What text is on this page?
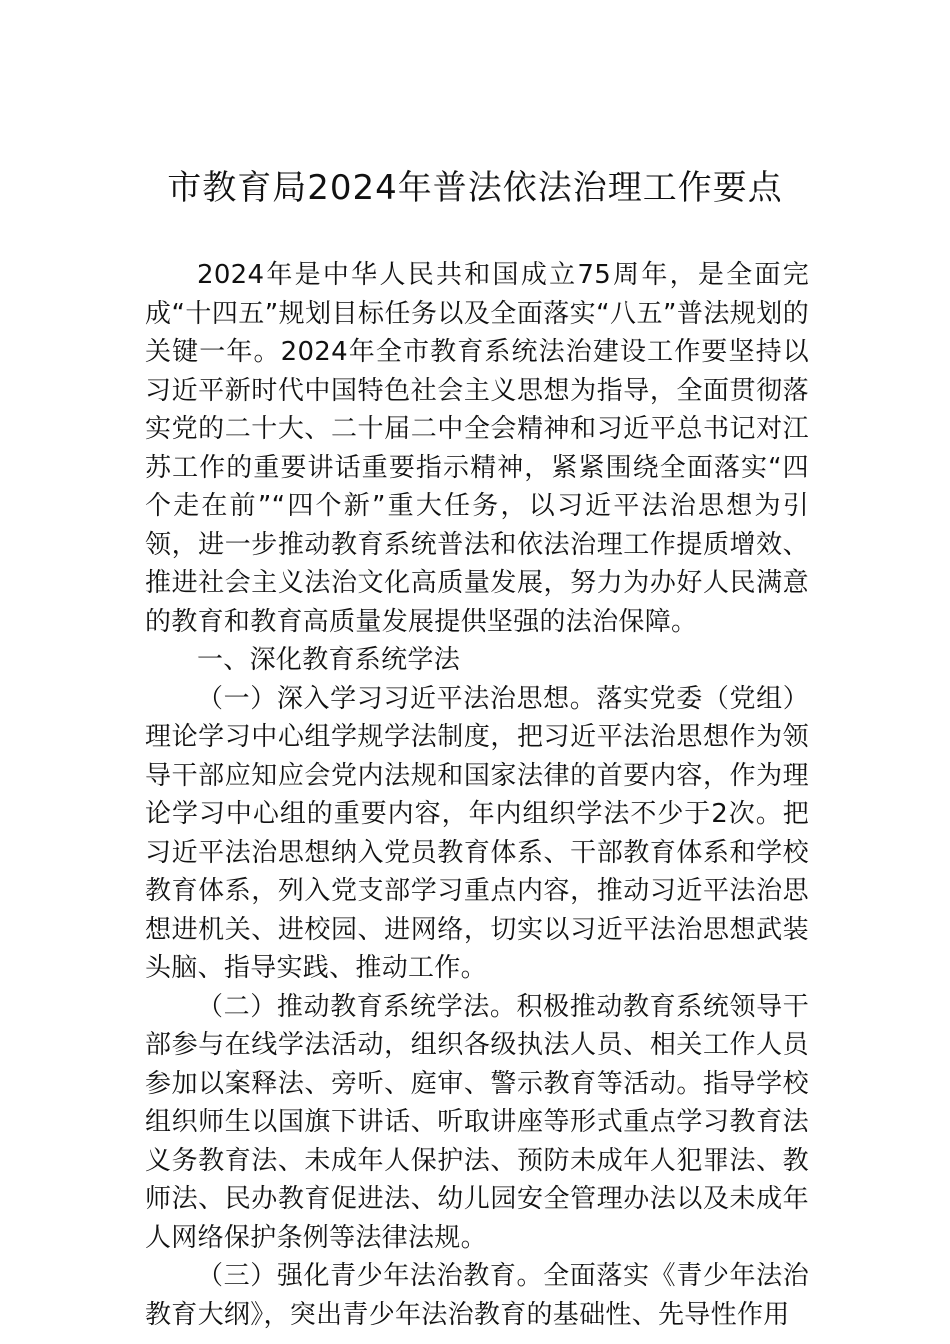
市教育局2024年普法依法治理工作要点

2024年是中华人民共和国成立75周年，是全面完成“十四五”规划目标任务以及全面落实“八五”普法规划的关键一年。2024年全市教育系统法治建设工作要坚持以习近平新时代中国特色社会主义思想为指导，全面贯彻落实党的二十大、二十届二中全会精神和习近平总书记对江苏工作的重要讲话重要指示精神，紧紧围绕全面落实“四个走在前”“四个新”重大任务，以习近平法治思想为引领，进一步推动教育系统普法和依法治理工作提质增效、推进社会主义法治文化高质量发展，努力为办好人民满意的教育和教育高质量发展提供坚强的法治保障。

一、深化教育系统学法

（一）深入学习习近平法治思想。落实党委（党组）理论学习中心组学规学法制度，把习近平法治思想作为领导干部应知应会党内法规和国家法律的首要内容，作为理论学习中心组的重要内容，年内组织学法不少于2次。把习近平法治思想纳入党员教育体系、干部教育体系和学校教育体系，列入党支部学习重点内容，推动习近平法治思想进机关、进校园、进网络，切实以习近平法治思想武装头脑、指导实践、推动工作。

（二）推动教育系统学法。积极推动教育系统领导干部参与在线学法活动，组织各级执法人员、相关工作人员参加以案释法、旁听、庭审、警示教育等活动。指导学校组织师生以国旗下讲话、听取讲座等形式重点学习教育法义务教育法、未成年人保护法、预防未成年人犯罪法、教师法、民办教育促进法、幼儿园安全管理办法以及未成年人网络保护条例等法律法规。

（三）强化青少年法治教育。全面落实《青少年法治教育大纲》，突出青少年法治教育的基础性、先导性作用
